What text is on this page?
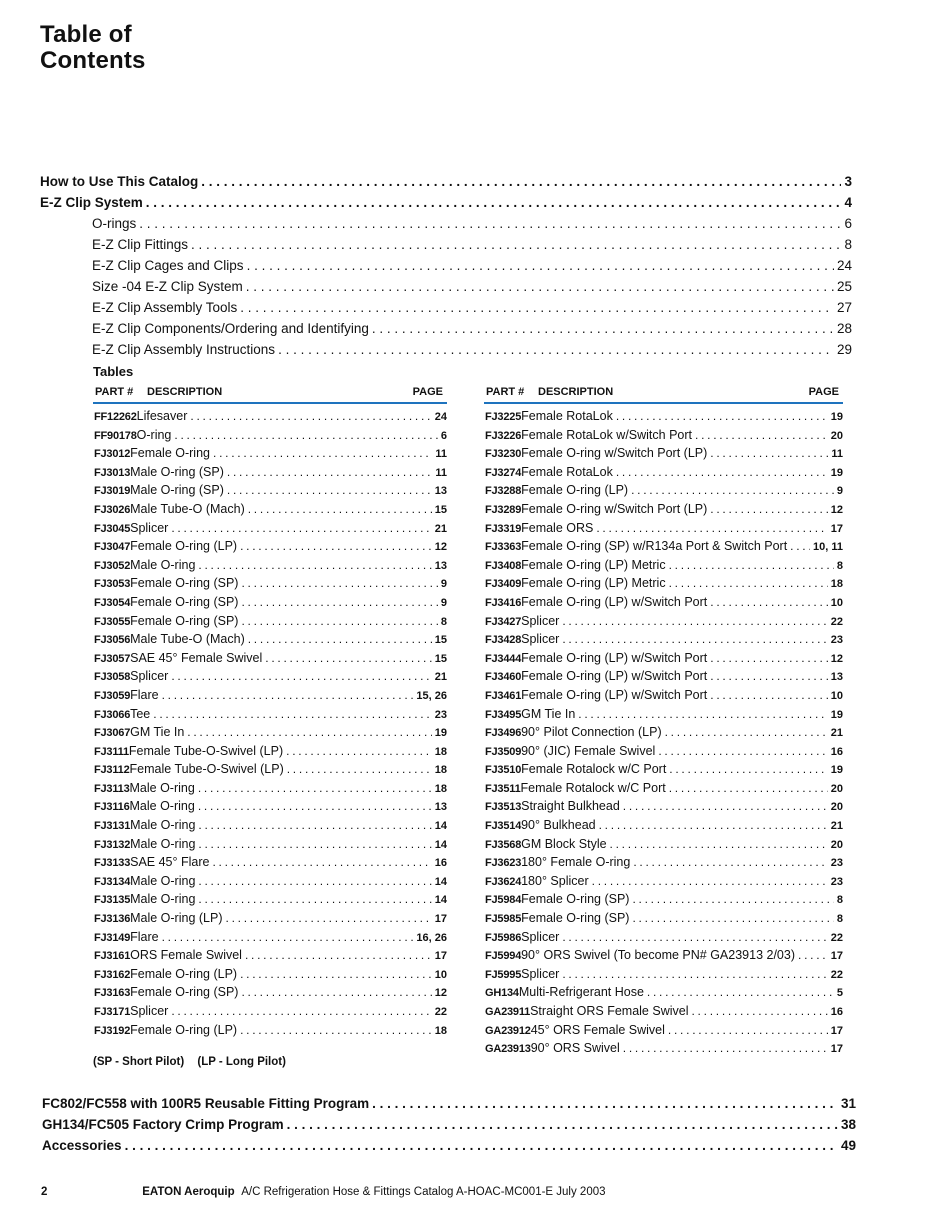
Table of
Contents
How to Use This Catalog . . .	3
E-Z Clip System . . .	4
O-rings . . .	6
E-Z Clip Fittings . . .	8
E-Z Clip Cages and Clips . . .	24
Size -04 E-Z Clip System . . .	25
E-Z Clip Assembly Tools . . .	27
E-Z Clip Components/Ordering and Identifying . . .	28
E-Z Clip Assembly Instructions . . .	29
Tables
PART #	DESCRIPTION	PAGE
FF12262 Lifesaver . . .	24
FF90178 O-ring . . .	6
FJ3012 Female O-ring . . .	11
FJ3013 Male O-ring (SP) . . .	11
FJ3019 Male O-ring (SP) . . .	13
FJ3026 Male Tube-O (Mach) . . .	15
FJ3045 Splicer . . .	21
FJ3047 Female O-ring (LP) . . .	12
FJ3052 Male O-ring . . .	13
FJ3053 Female O-ring (SP) . . .	9
FJ3054 Female O-ring (SP) . . .	9
FJ3055 Female O-ring (SP) . . .	8
FJ3056 Male Tube-O (Mach) . . .	15
FJ3057 SAE 45° Female Swivel . . .	15
FJ3058 Splicer . . .	21
FJ3059 Flare . . .	15, 26
FJ3066 Tee . . .	23
FJ3067 GM Tie In . . .	19
FJ3111 Female Tube-O-Swivel (LP) . . .	18
FJ3112 Female Tube-O-Swivel (LP) . . .	18
FJ3113 Male O-ring . . .	18
FJ3116 Male O-ring . . .	13
FJ3131 Male O-ring . . .	14
FJ3132 Male O-ring . . .	14
FJ3133 SAE 45° Flare . . .	16
FJ3134 Male O-ring . . .	14
FJ3135 Male O-ring . . .	14
FJ3136 Male O-ring (LP) . . .	17
FJ3149 Flare . . .	16, 26
FJ3161 ORS Female Swivel . . .	17
FJ3162 Female O-ring (LP) . . .	10
FJ3163 Female O-ring (SP) . . .	12
FJ3171 Splicer . . .	22
FJ3192 Female O-ring (LP) . . .	18
PART #	DESCRIPTION	PAGE
FJ3225 Female RotaLok . . .	19
FJ3226 Female RotaLok w/Switch Port . . .	20
FJ3230 Female O-ring w/Switch Port (LP) . . .	11
FJ3274 Female RotaLok . . .	19
FJ3288 Female O-ring (LP) . . .	9
FJ3289 Female O-ring w/Switch Port (LP) . . .	12
FJ3319 Female ORS . . .	17
FJ3363 Female O-ring (SP) w/R134a Port & Switch Port . . . 10, 11
FJ3408 Female O-ring (LP) Metric . . .	8
FJ3409 Female O-ring (LP) Metric . . .	18
FJ3416 Female O-ring (LP) w/Switch Port . . .	10
FJ3427 Splicer . . .	22
FJ3428 Splicer . . .	23
FJ3444 Female O-ring (LP) w/Switch Port . . .	12
FJ3460 Female O-ring (LP) w/Switch Port . . .	13
FJ3461 Female O-ring (LP) w/Switch Port . . .	10
FJ3495 GM Tie In . . .	19
FJ3496 90° Pilot Connection (LP) . . .	21
FJ3509 90° (JIC) Female Swivel . . .	16
FJ3510 Female Rotalock w/C Port . . .	19
FJ3511 Female Rotalock w/C Port . . .	20
FJ3513 Straight Bulkhead . . .	20
FJ3514 90° Bulkhead . . .	21
FJ3568 GM Block Style . . .	20
FJ3623 180° Female O-ring . . .	23
FJ3624 180° Splicer . . .	23
FJ5984 Female O-ring (SP) . . .	8
FJ5985 Female O-ring (SP) . . .	8
FJ5986 Splicer . . .	22
FJ5994 90° ORS Swivel (To become PN# GA23913 2/03) . . .	17
FJ5995 Splicer . . .	22
GH134 Multi-Refrigerant Hose . . .	5
GA23911 Straight ORS Female Swivel . . .	16
GA23912 45° ORS Female Swivel . . .	17
GA23913 90° ORS Swivel . . .	17
(SP - Short Pilot) (LP - Long Pilot)
FC802/FC558 with 100R5 Reusable Fitting Program . . .	31
GH134/FC505 Factory Crimp Program . . .	38
Accessories . . .	49
2	EATON Aeroquip A/C Refrigeration Hose & Fittings Catalog A-HOAC-MC001-E July 2003
